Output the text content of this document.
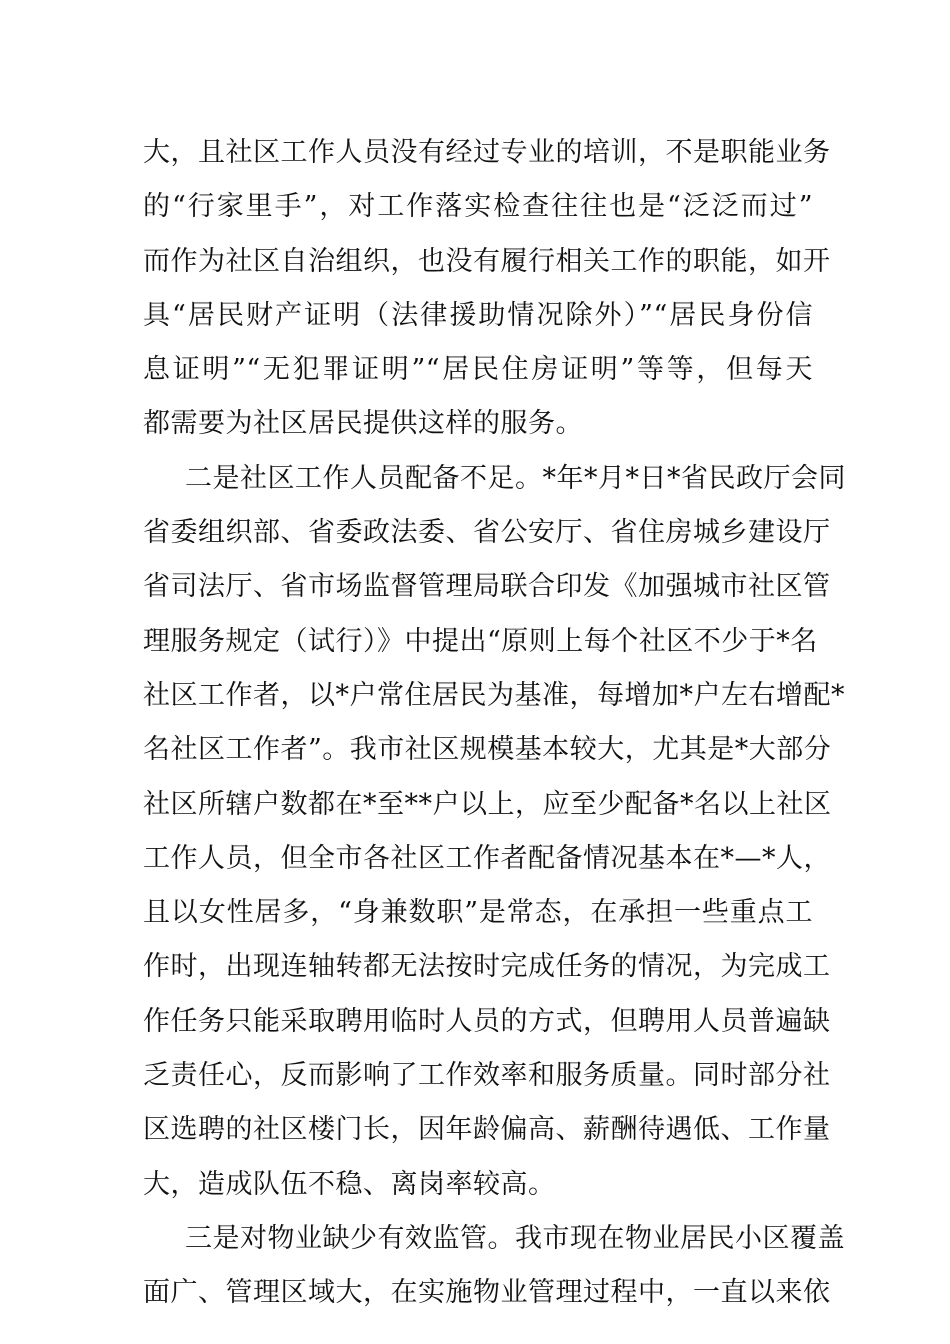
大，且社区工作人员没有经过专业的培训，不是职能业务
的“行家里手”，对工作落实检查往往也是“泛泛而过”
而作为社区自治组织，也没有履行相关工作的职能，如开
具“居民财产证明（法律援助情况除外）”“居民身份信
息证明”“无犯罪证明”“居民住房证明”等等，但每天
都需要为社区居民提供这样的服务。
二是社区工作人员配备不足。*年*月*日*省民政厅会同
省委组织部、省委政法委、省公安厅、省住房城乡建设厅
省司法厅、省市场监督管理局联合印发《加强城市社区管
理服务规定（试行）》中提出“原则上每个社区不少于*名
社区工作者，以*户常住居民为基准，每增加*户左右增配*
名社区工作者”。我市社区规模基本较大，尤其是*大部分
社区所辖户数都在*至**户以上，应至少配备*名以上社区
工作人员，但全市各社区工作者配备情况基本在*—*人，
且以女性居多，“身兼数职”是常态，在承担一些重点工
作时，出现连轴转都无法按时完成任务的情况，为完成工
作任务只能采取聘用临时人员的方式，但聘用人员普遍缺
乏责任心，反而影响了工作效率和服务质量。同时部分社
区选聘的社区楼门长，因年龄偏高、薪酬待遇低、工作量
大，造成队伍不稳、离岗率较高。
三是对物业缺少有效监管。我市现在物业居民小区覆盖
面广、管理区域大，在实施物业管理过程中，一直以来依
